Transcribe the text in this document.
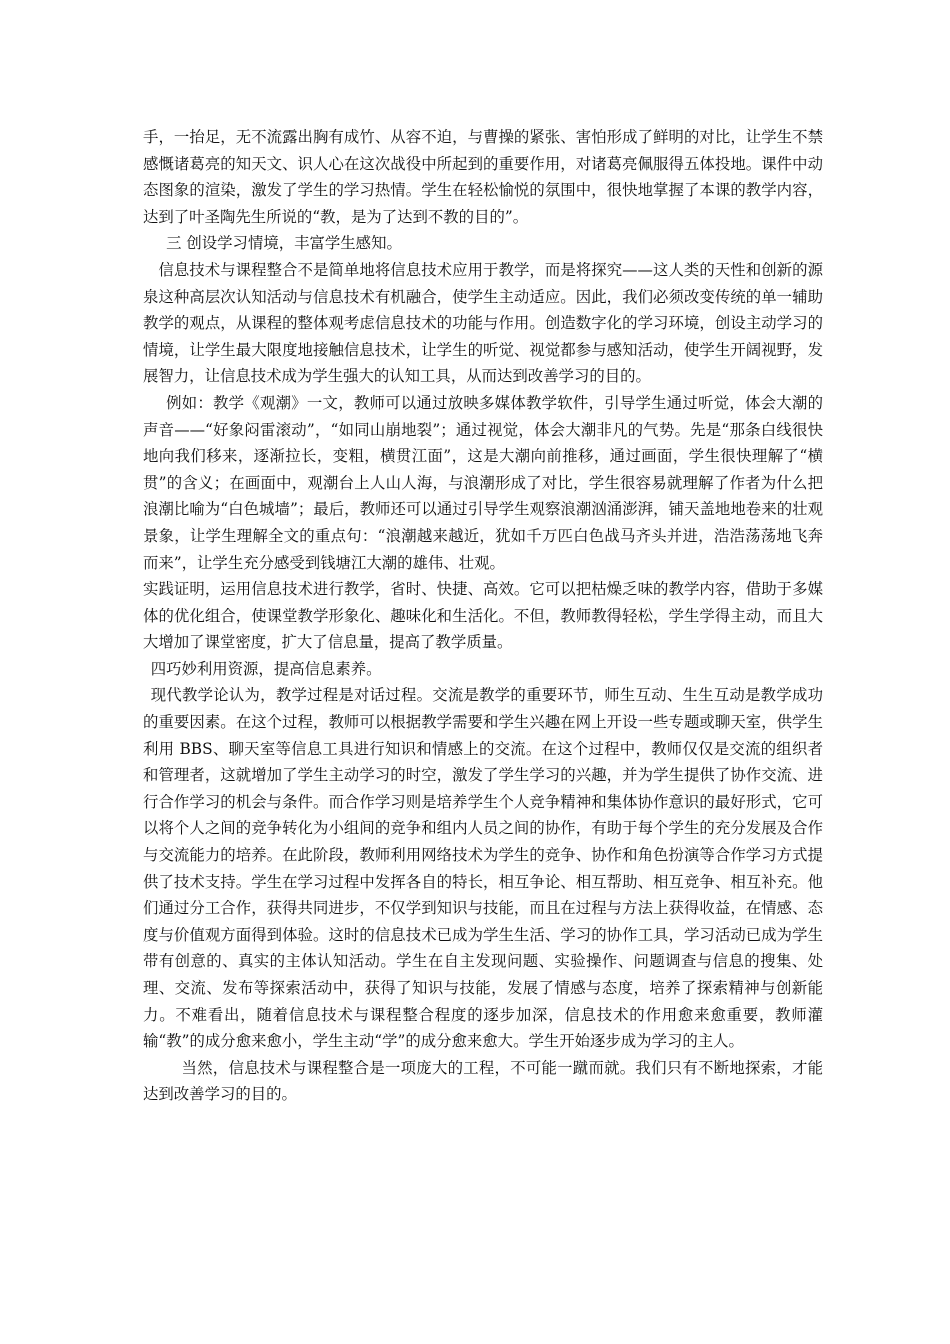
手，一抬足，无不流露出胸有成竹、从容不迫，与曹操的紧张、害怕形成了鲜明的对比，让学生不禁感慨诸葛亮的知天文、识人心在这次战役中所起到的重要作用，对诸葛亮佩服得五体投地。课件中动态图象的渲染，激发了学生的学习热情。学生在轻松愉悦的氛围中，很快地掌握了本课的教学内容，达到了叶圣陶先生所说的“教，是为了达到不教的目的”。

三 创设学习情境，丰富学生感知。

信息技术与课程整合不是简单地将信息技术应用于教学，而是将探究——这人类的天性和创新的源泉这种高层次认知活动与信息技术有机融合，使学生主动适应。因此，我们必须改变传统的单一辅助教学的观点，从课程的整体观考虑信息技术的功能与作用。创造数字化的学习环境，创设主动学习的情境，让学生最大限度地接触信息技术，让学生的听觉、视觉都参与感知活动，使学生开阔视野，发展智力，让信息技术成为学生强大的认知工具，从而达到改善学习的目的。

例如：教学《观潮》一文，教师可以通过放映多媒体教学软件，引导学生通过听觉，体会大潮的声音——“好象闷雷滚动”，“如同山崩地裂”；通过视觉，体会大潮非凡的气势。先是“那条白线很快地向我们移来，逐渐拉长，变粗，横贯江面”，这是大潮向前推移，通过画面，学生很快理解了“横贯”的含义；在画面中，观潮台上人山人海，与浪潮形成了对比，学生很容易就理解了作者为什么把浪潮比喻为“白色城墙”；最后，教师还可以通过引导学生观察浪潮汹涌澎湃，铺天盖地地卷来的壮观景象，让学生理解全文的重点句：“浪潮越来越近，犹如千万匹白色战马齐头并进，浩浩荡荡地飞奔而来”，让学生充分感受到钱塘江大潮的雄伟、壮观。

实践证明，运用信息技术进行教学，省时、快捷、高效。它可以把枯燥乏味的教学内容，借助于多媒体的优化组合，使课堂教学形象化、趣味化和生活化。不但，教师教得轻松，学生学得主动，而且大大增加了课堂密度，扩大了信息量，提高了教学质量。

四巧妙利用资源，提高信息素养。

现代教学论认为，教学过程是对话过程。交流是教学的重要环节，师生互动、生生互动是教学成功的重要因素。在这个过程，教师可以根据教学需要和学生兴趣在网上开设一些专题或聊天室，供学生利用 BBS、聊天室等信息工具进行知识和情感上的交流。在这个过程中，教师仅仅是交流的组织者和管理者，这就增加了学生主动学习的时空，激发了学生学习的兴趣，并为学生提供了协作交流、进行合作学习的机会与条件。而合作学习则是培养学生个人竞争精神和集体协作意识的最好形式，它可以将个人之间的竞争转化为小组间的竞争和组内人员之间的协作，有助于每个学生的充分发展及合作与交流能力的培养。在此阶段，教师利用网络技术为学生的竞争、协作和角色扮演等合作学习方式提供了技术支持。学生在学习过程中发挥各自的特长，相互争论、相互帮助、相互竞争、相互补充。他们通过分工合作，获得共同进步，不仅学到知识与技能，而且在过程与方法上获得收益，在情感、态度与价值观方面得到体验。这时的信息技术已成为学生生活、学习的协作工具，学习活动已成为学生带有创意的、真实的主体认知活动。学生在自主发现问题、实验操作、问题调查与信息的搜集、处理、交流、发布等探索活动中，获得了知识与技能，发展了情感与态度，培养了探索精神与创新能力。不难看出，随着信息技术与课程整合程度的逐步加深，信息技术的作用愈来愈重要，教师灌输“教”的成分愈来愈小，学生主动“学”的成分愈来愈大。学生开始逐步成为学习的主人。

当然，信息技术与课程整合是一项庞大的工程，不可能一蹴而就。我们只有不断地探索，才能达到改善学习的目的。
